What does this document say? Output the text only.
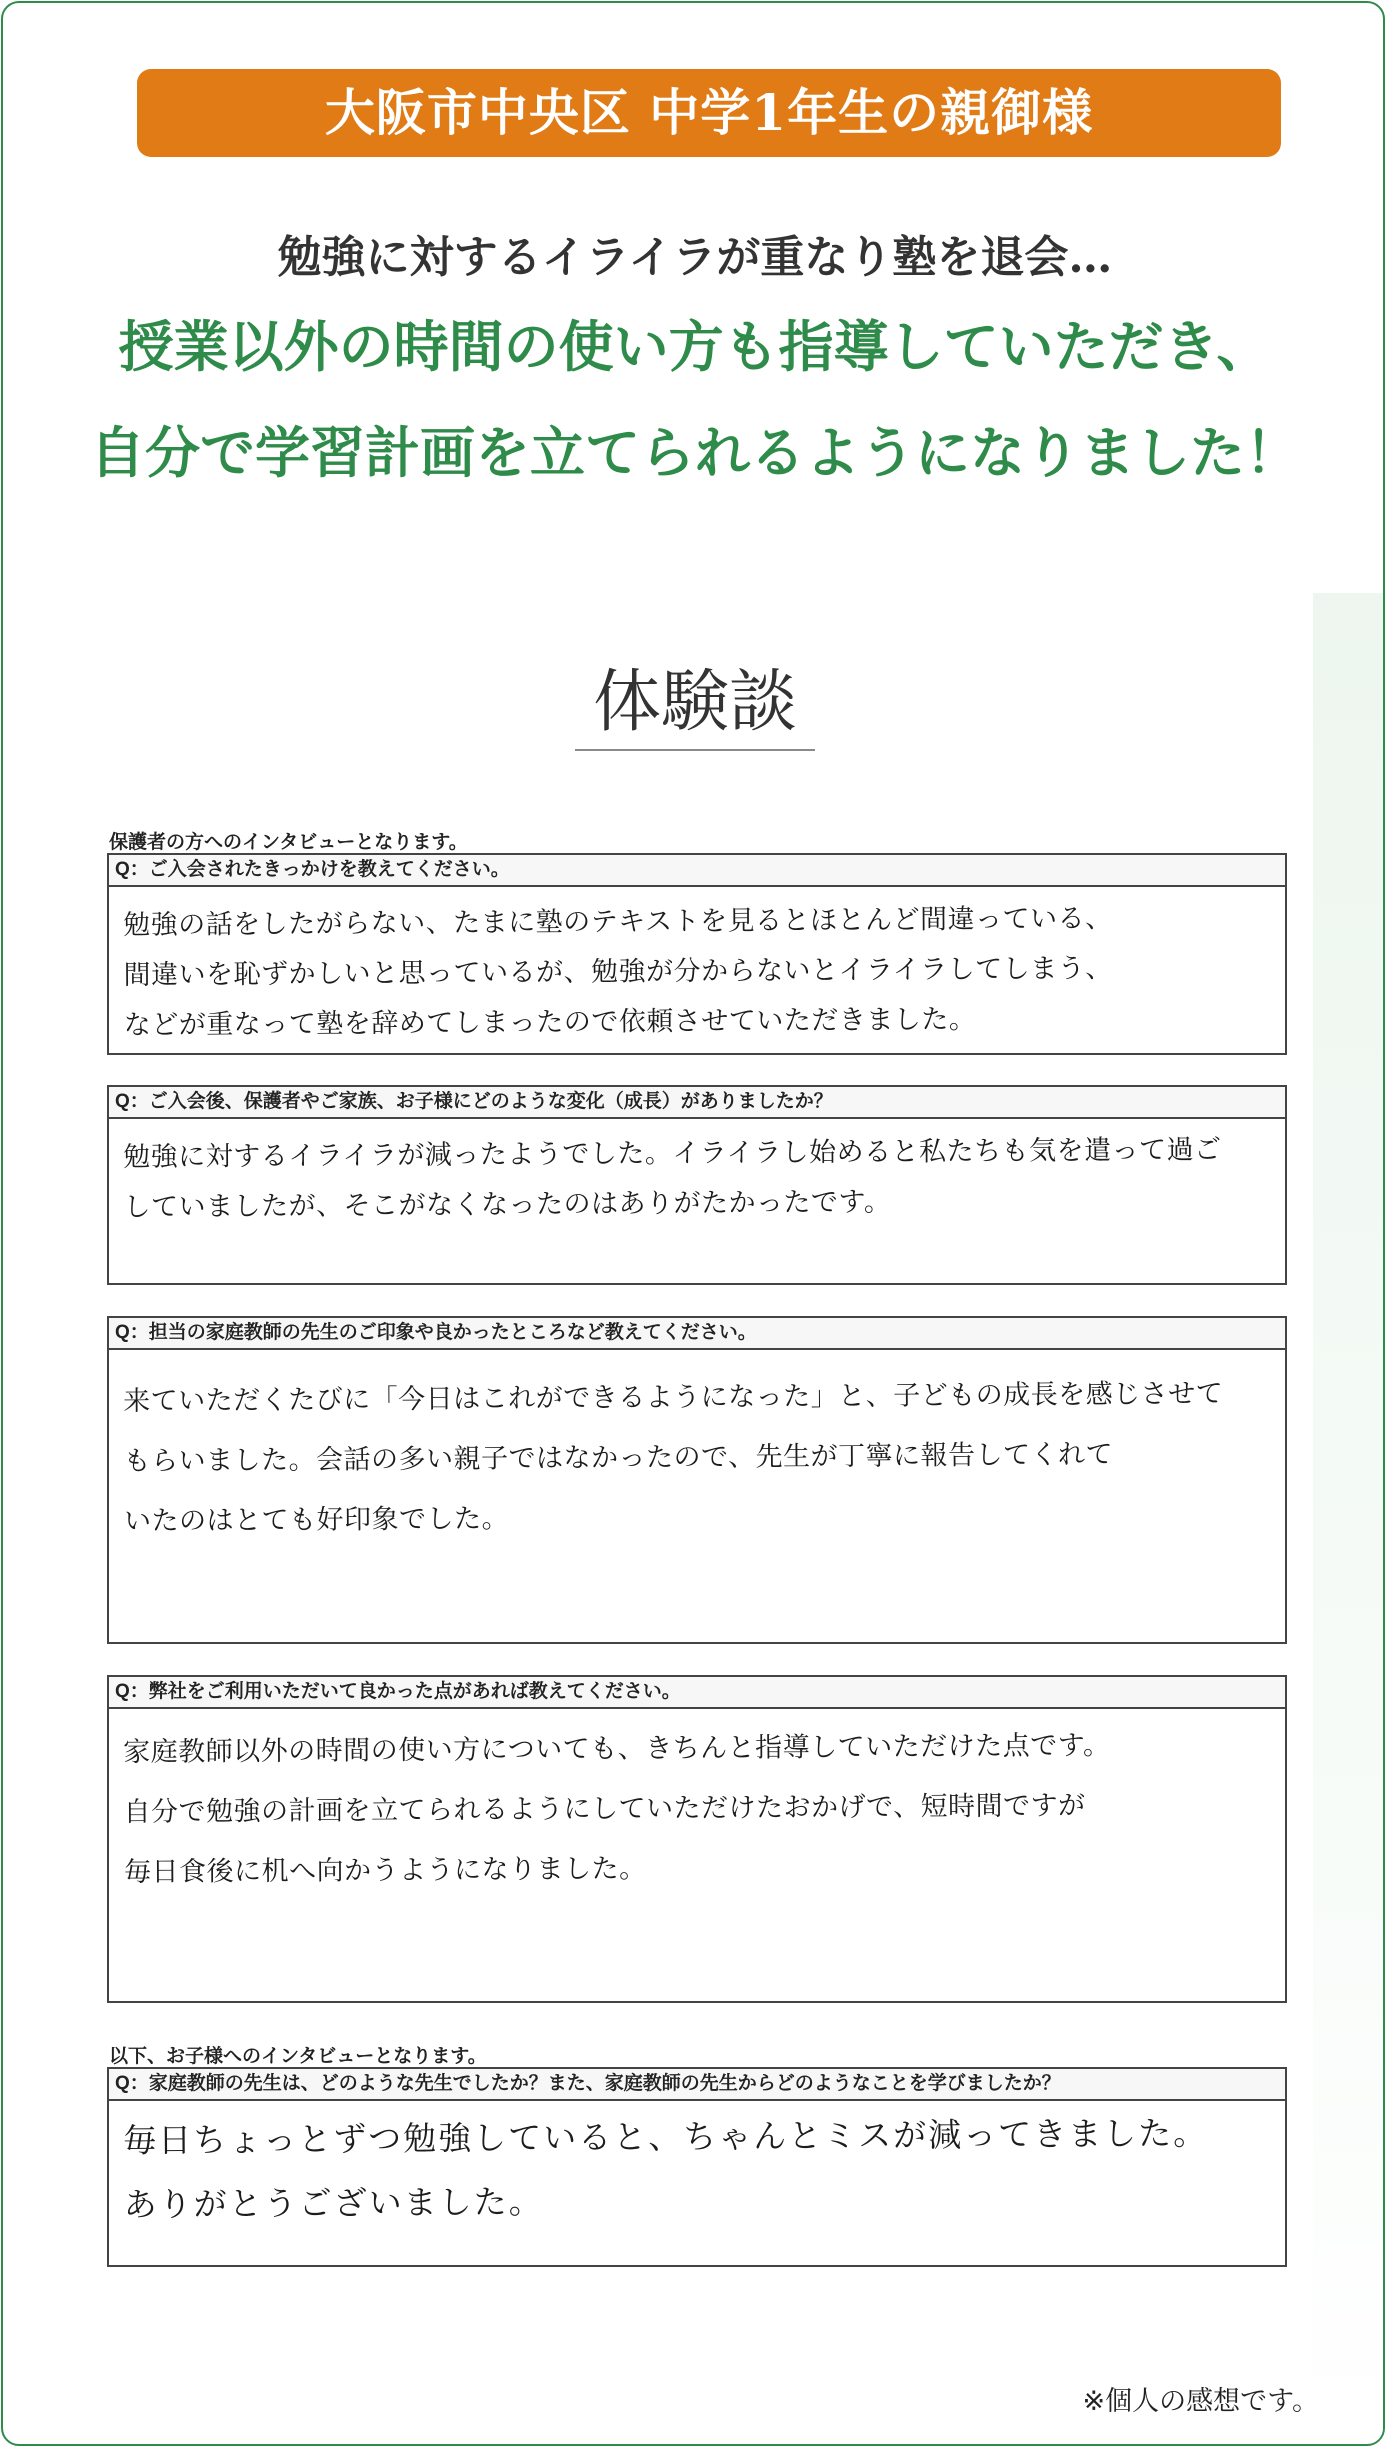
大阪市中央区 中学1年生の親御様
勉強に対するイライラが重なり塾を退会…
授業以外の時間の使い方も指導していただき、
自分で学習計画を立てられるようになりました！
体験談
保護者の方へのインタビューとなります。
Q：ご入会されたきっかけを教えてください。
勉強の話をしたがらない、たまに塾のテキストを見るとほとんど間違っている、
間違いを恥ずかしいと思っているが、勉強が分からないとイライラしてしまう、
などが重なって塾を辞めてしまったので依頼させていただきました。
Q：ご入会後、保護者やご家族、お子様にどのような変化（成長）がありましたか？
勉強に対するイライラが減ったようでした。イライラし始めると私たちも気を遣って過ごしていましたが、そこがなくなったのはありがたかったです。
Q：担当の家庭教師の先生のご印象や良かったところなど教えてください。
来ていただくたびに「今日はこれができるようになった」と、子どもの成長を感じさせて
もらいました。会話の多い親子ではなかったので、先生が丁寧に報告してくれて
いたのはとても好印象でした。
Q：弊社をご利用いただいて良かった点があれば教えてください。
家庭教師以外の時間の使い方についても、きちんと指導していただけた点です。
自分で勉強の計画を立てられるようにしていただけたおかげで、短時間ですが
毎日食後に机へ向かうようになりました。
以下、お子様へのインタビューとなります。
Q：家庭教師の先生は、どのような先生でしたか？また、家庭教師の先生からどのようなことを学びましたか？
毎日ちょっとずつ勉強していると、ちゃんとミスが減ってきました。
ありがとうございました。
※個人の感想です。
